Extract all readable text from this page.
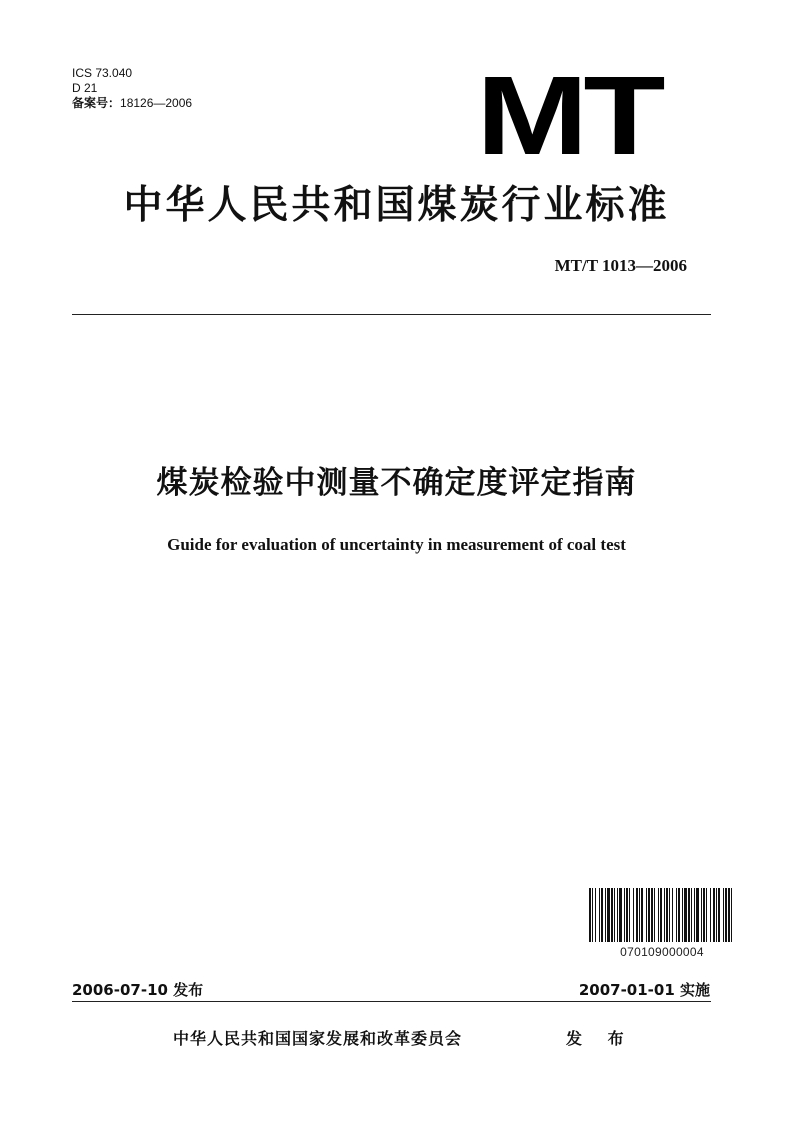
ICS 73.040
D 21
备案号：18126—2006	MT
中华人民共和国煤炭行业标准
MT/T 1013—2006
煤炭检验中测量不确定度评定指南
Guide for evaluation of uncertainty in measurement of coal test
070109000004
2006-07-10 发布	2007-01-01 实施
中华人民共和国国家发展和改革委员会	发 布
